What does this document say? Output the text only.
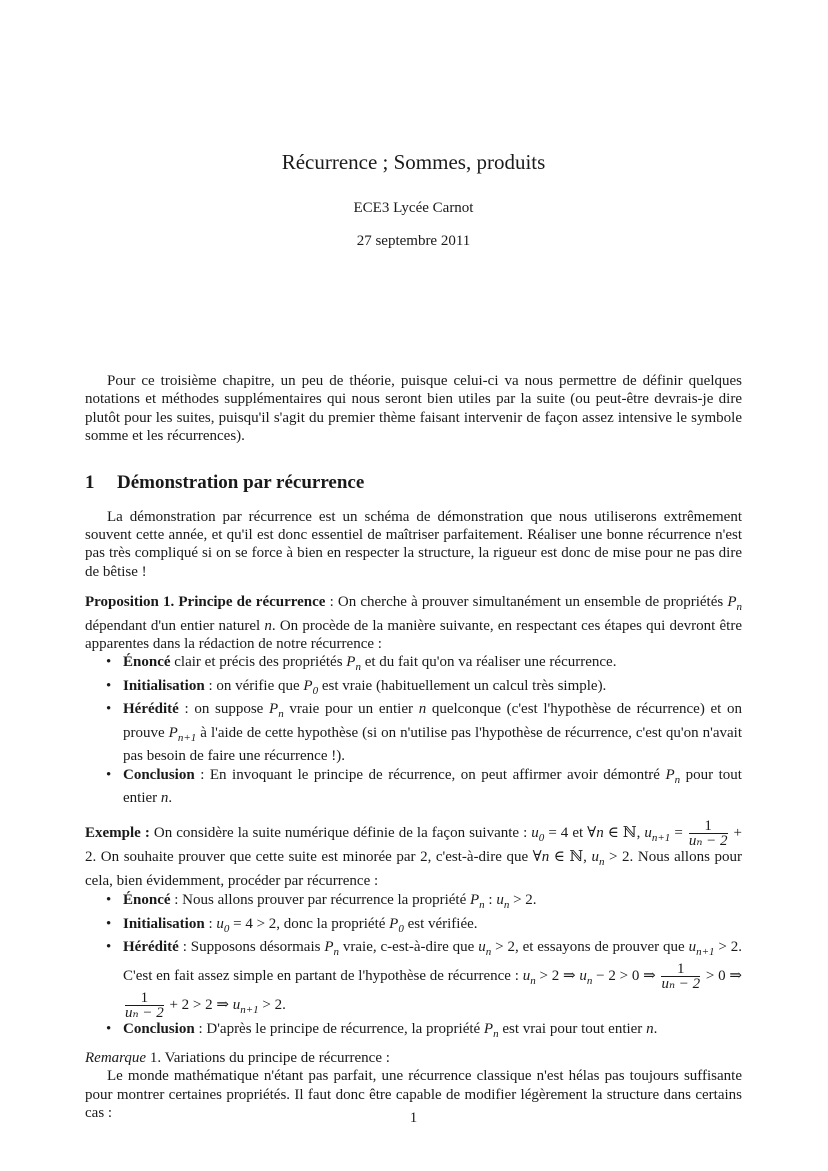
Récurrence ; Sommes, produits
ECE3 Lycée Carnot
27 septembre 2011

Pour ce troisième chapitre, un peu de théorie, puisque celui-ci va nous permettre de définir quelques notations et méthodes supplémentaires qui nous seront bien utiles par la suite (ou peut-être devrais-je dire plutôt pour les suites, puisqu'il s'agit du premier thème faisant intervenir de façon assez intensive le symbole somme et les récurrences).

1 Démonstration par récurrence

La démonstration par récurrence est un schéma de démonstration que nous utiliserons extrêmement souvent cette année, et qu'il est donc essentiel de maîtriser parfaitement. Réaliser une bonne récurrence n'est pas très compliqué si on se force à bien en respecter la structure, la rigueur est donc de mise pour ne pas dire de bêtise !

Proposition 1. Principe de récurrence : On cherche à prouver simultanément un ensemble de propriétés $P_n$ dépendant d'un entier naturel n. On procède de la manière suivante, en respectant ces étapes qui devront être apparentes dans la rédaction de notre récurrence :

• Énoncé clair et précis des propriétés $P_n$ et du fait qu'on va réaliser une récurrence.
• Initialisation : on vérifie que $P_0$ est vraie (habituellement un calcul très simple).
• Hérédité : on suppose $P_n$ vraie pour un entier n quelconque (c'est l'hypothèse de récurrence) et on prouve $P_{n+1}$ à l'aide de cette hypothèse (si on n'utilise pas l'hypothèse de récurrence, c'est qu'on n'avait pas besoin de faire une récurrence !).
• Conclusion : En invoquant le principe de récurrence, on peut affirmer avoir démontré $P_n$ pour tout entier n.

Exemple : On considère la suite numérique définie de la façon suivante : $u_0 = 4$ et ∀n ∈ ℕ, $u_{n+1} = \frac{1}{\text{uₙ − 2}} + 2$. On souhaite prouver que cette suite est minorée par 2, c'est-à-dire que ∀n ∈ ℕ, $u_n > 2$. Nous allons pour cela, bien évidemment, procéder par récurrence :

• Énoncé : Nous allons prouver par récurrence la propriété $P_n$ : $u_n > 2$.
• Initialisation : $u_0 = 4 > 2$, donc la propriété $P_0$ est vérifiée.
• Hérédité : Supposons désormais $P_n$ vraie, c-est-à-dire que $u_n > 2$, et essayons de prouver que $u_{n+1} > 2$. C'est en fait assez simple en partant de l'hypothèse de récurrence : $u_n > 2$ ⇒ $u_n - 2 > 0$ ⇒ $\frac{1}{\text{uₙ − 2}} > 0$ ⇒
$\frac{1}{\text{uₙ − 2}} + 2 > 2$ ⇒ $u_{n+1} > 2$.
• Conclusion : D'après le principe de récurrence, la propriété $P_n$ est vrai pour tout entier n.

Remarque 1. Variations du principe de récurrence :

Le monde mathématique n'étant pas parfait, une récurrence classique n'est hélas pas toujours suffisante pour montrer certaines propriétés. Il faut donc être capable de modifier légèrement la structure dans certains cas :	1
